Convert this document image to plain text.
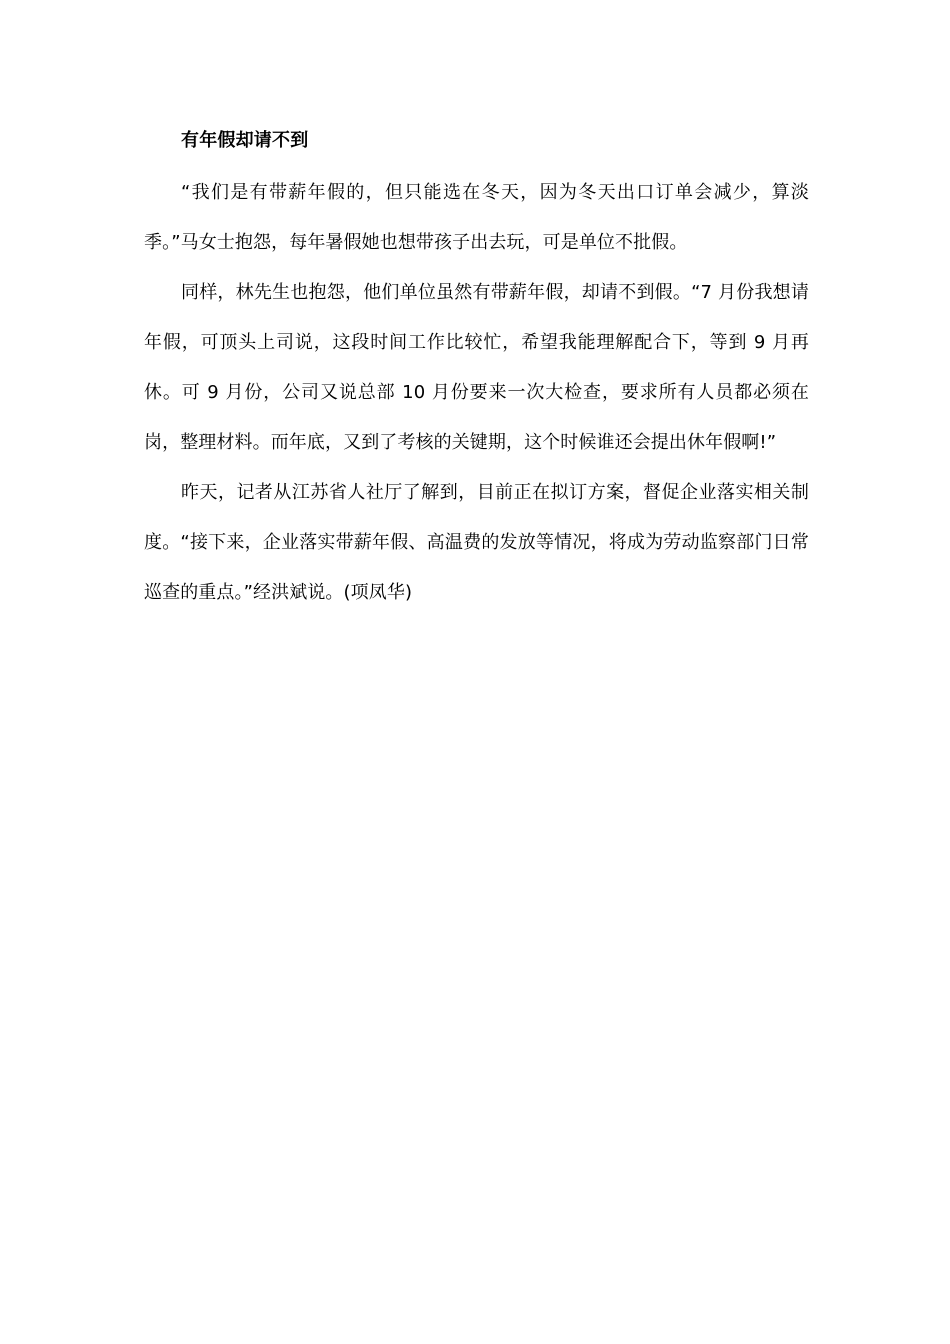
有年假却请不到

“我们是有带薪年假的，但只能选在冬天，因为冬天出口订单会减少，算淡季。”马女士抱怨，每年暑假她也想带孩子出去玩，可是单位不批假。

同样，林先生也抱怨，他们单位虽然有带薪年假，却请不到假。“7 月份我想请年假，可顶头上司说，这段时间工作比较忙，希望我能理解配合下，等到 9 月再休。可 9 月份，公司又说总部 10 月份要来一次大检查，要求所有人员都必须在岗，整理材料。而年底，又到了考核的关键期，这个时候谁还会提出休年假啊!”

昨天，记者从江苏省人社厅了解到，目前正在拟订方案，督促企业落实相关制度。“接下来，企业落实带薪年假、高温费的发放等情况，将成为劳动监察部门日常巡查的重点。”经洪斌说。(项凤华)
